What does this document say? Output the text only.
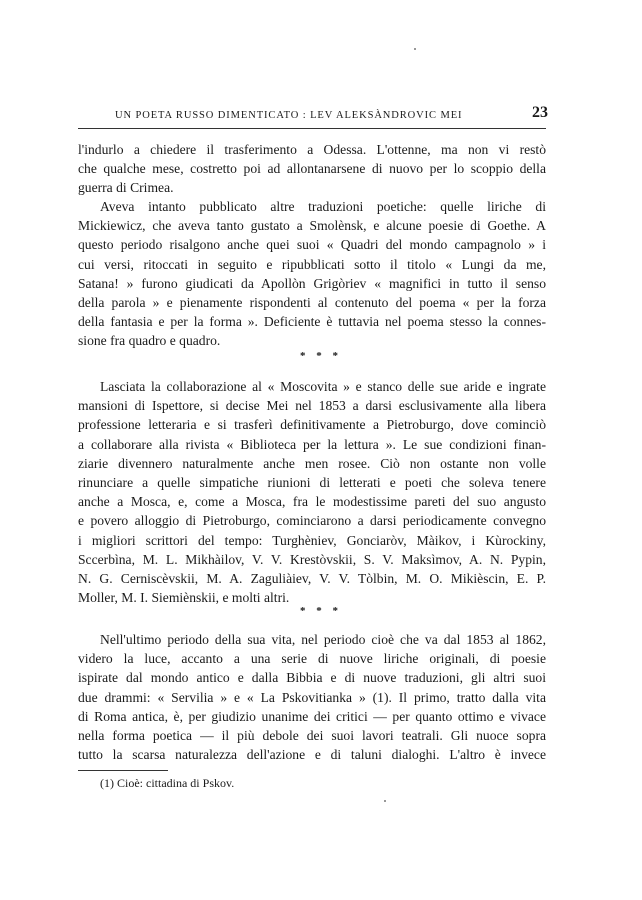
UN POETA RUSSO DIMENTICATO : LEV ALEKSÀNDROVIC MEI	23

l'indurlo a chiedere il trasferimento a Odessa. L'ottenne, ma non vi restò
che qualche mese, costretto poi ad allontanarsene di nuovo per lo scoppio della
guerra di Crimea.

Aveva intanto pubblicato altre traduzioni poetiche: quelle liriche di
Mickiewicz, che aveva tanto gustato a Smolènsk, e alcune poesie di Goethe. A
questo periodo risalgono anche quei suoi « Quadri del mondo campagnolo » i
cui versi, ritoccati in seguito e ripubblicati sotto il titolo « Lungi da me,
Satana! » furono giudicati da Apollòn Grigòriev « magnifici in tutto il senso
della parola » e pienamente rispondenti al contenuto del poema « per la forza
della fantasia e per la forma ». Deficiente è tuttavia nel poema stesso la connes-
sione fra quadro e quadro.

* * *

Lasciata la collaborazione al « Moscovita » e stanco delle sue aride e ingrate
mansioni di Ispettore, si decise Mei nel 1853 a darsi esclusivamente alla libera
professione letteraria e si trasferì definitivamente a Pietroburgo, dove cominciò
a collaborare alla rivista « Biblioteca per la lettura ». Le sue condizioni finan-
ziarie divennero naturalmente anche men rosee. Ciò non ostante non volle
rinunciare a quelle simpatiche riunioni di letterati e poeti che soleva tenere
anche a Mosca, e, come a Mosca, fra le modestissime pareti del suo angusto
e povero alloggio di Pietroburgo, cominciarono a darsi periodicamente convegno
i migliori scrittori del tempo: Turghèniev, Gonciaròv, Màikov, i Kùrockiny,
Sccerbìna, M. L. Mikhàilov, V. V. Krestòvskii, S. V. Maksìmov, A. N. Pypin,
N. G. Cerniscèvskii, M. A. Zaguliàiev, V. V. Tòlbin, M. O. Mikièscin, E. P.
Moller, M. I. Siemiènskii, e molti altri.

* * *

Nell'ultimo periodo della sua vita, nel periodo cioè che va dal 1853 al 1862,
videro la luce, accanto a una serie di nuove liriche originali, di poesie
ispirate dal mondo antico e dalla Bibbia e di nuove traduzioni, gli altri suoi
due drammi: « Servilia » e « La Pskovitianka » (1). Il primo, tratto dalla vita
di Roma antica, è, per giudizio unanime dei critici — per quanto ottimo e vivace
nella forma poetica — il più debole dei suoi lavori teatrali. Gli nuoce sopra
tutto la scarsa naturalezza dell'azione e di taluni dialoghi. L'altro è invece

(1) Cioè: cittadina di Pskov.
